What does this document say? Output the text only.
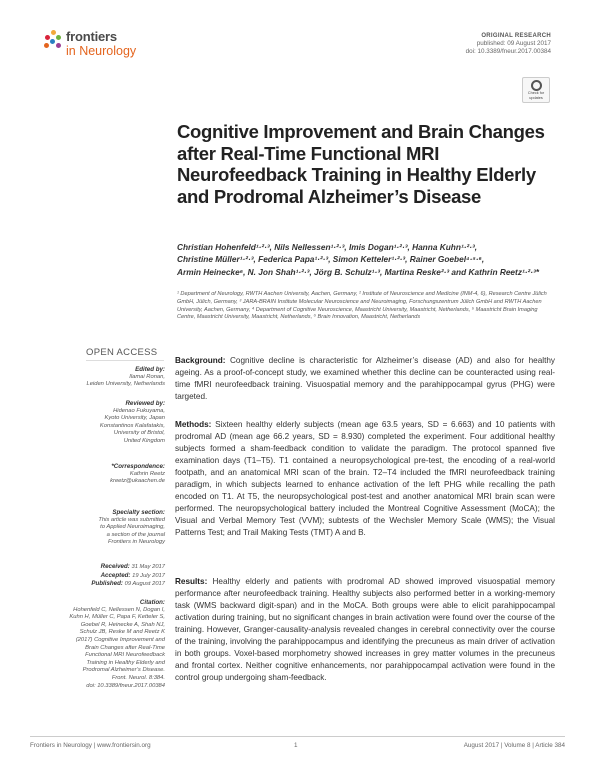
frontiers
in Neurology
ORIGINAL RESEARCH
published: 09 August 2017
doi: 10.3389/fneur.2017.00384
Check for
updates
Cognitive Improvement and Brain Changes after Real-Time Functional MRI Neurofeedback Training in Healthy Elderly and Prodromal Alzheimer’s Disease
Christian Hohenfeld¹·²·³, Nils Nellessen¹·²·³, Imis Dogan¹·²·³, Hanna Kuhn¹·²·³,
Christine Müller¹·²·³, Federica Papa¹·²·³, Simon Ketteler¹·²·³, Rainer Goebel⁴·⁵·⁶,
Armin Heinecke⁶, N. Jon Shah¹·²·³, Jörg B. Schulz¹·³, Martina Reske²·³ and Kathrin Reetz¹·²·³*
¹ Department of Neurology, RWTH Aachen University, Aachen, Germany, ² Institute of Neuroscience and Medicine (INM-4, 6), Research Centre Jülich GmbH, Jülich, Germany, ³ JARA-BRAIN Institute Molecular Neuroscience and Neuroimaging, Forschungszentrum Jülich GmbH and RWTH Aachen University, Aachen, Germany, ⁴ Department of Cognitive Neuroscience, Maastricht University, Maastricht, Netherlands, ⁵ Maastricht Brain Imaging Centre, Maastricht University, Maastricht, Netherlands, ⁶ Brain Innovation, Maastricht, Netherlands
OPEN ACCESS
Edited by:
Ilamai Ronan,
Leiden University, Netherlands
Reviewed by:
Hidenao Fukuyama,
Kyoto University, Japan
Konstantinos Kalafatakis,
University of Bristol,
United Kingdom
*Correspondence:
Kathrin Reetz
kreetz@ukaachen.de
Specialty section:
This article was submitted
to Applied Neuroimaging,
a section of the journal
Frontiers in Neurology
Received: 31 May 2017
Accepted: 19 July 2017
Published: 09 August 2017
Citation:
Hohenfeld C, Nellessen N, Dogan I,
Kuhn H, Müller C, Papa F, Ketteler S,
Goebel R, Heinecke A, Shah NJ,
Schulz JB, Reske M and Reetz K
(2017) Cognitive Improvement and
Brain Changes after Real-Time
Functional MRI Neurofeedback
Training in Healthy Elderly and
Prodromal Alzheimer’s Disease.
Front. Neurol. 8:384.
doi: 10.3389/fneur.2017.00384
Background: Cognitive decline is characteristic for Alzheimer’s disease (AD) and also for healthy ageing. As a proof-of-concept study, we examined whether this decline can be counteracted using real-time fMRI neurofeedback training. Visuospatial memory and the parahippocampal gyrus (PHG) were targeted.
Methods: Sixteen healthy elderly subjects (mean age 63.5 years, SD = 6.663) and 10 patients with prodromal AD (mean age 66.2 years, SD = 8.930) completed the experiment. Four additional healthy subjects formed a sham-feedback condition to validate the paradigm. The protocol spanned five examination days (T1–T5). T1 contained a neuropsychological pre-test, the encoding of a real-world footpath, and an anatomical MRI scan of the brain. T2–T4 included the fMRI neurofeedback training paradigm, in which subjects learned to enhance activation of the left PHG while recalling the path encoded on T1. At T5, the neuropsychological post-test and another anatomical MRI brain scan were performed. The neuropsychological battery included the Montreal Cognitive Assessment (MoCA); the Visual and Verbal Memory Test (VVM); subtests of the Wechsler Memory Scale (WMS); the Visual Patterns Test; and Trail Making Tests (TMT) A and B.
Results: Healthy elderly and patients with prodromal AD showed improved visuospatial memory performance after neurofeedback training. Healthy subjects also performed better in a working-memory task (WMS backward digit-span) and in the MoCA. Both groups were able to elicit parahippocampal activation during training, but no significant changes in brain activation were found over the course of the training. However, Granger-causality-analysis revealed changes in cerebral connectivity over the course of the training, involving the parahippocampus and identifying the precuneus as main driver of activation in both groups. Voxel-based morphometry showed increases in grey matter volumes in the precuneus and frontal cortex. Neither cognitive enhancements, nor parahippocampal activation were found in the control group undergoing sham-feedback.
Frontiers in Neurology | www.frontiersin.org	1	August 2017 | Volume 8 | Article 384
